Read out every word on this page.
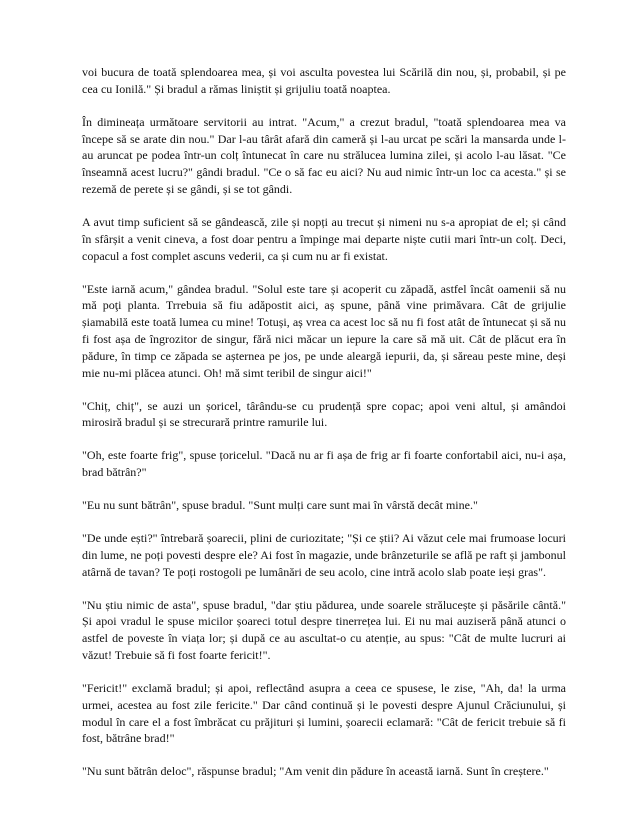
voi bucura de toată splendoarea mea, și voi asculta povestea lui Scărilă din nou, și, probabil, și pe cea cu Ionilă." Și bradul a rămas liniștit și grijuliu toată noaptea.

În dimineața următoare servitorii au intrat. "Acum," a crezut bradul, "toată splendoarea mea va începe să se arate din nou." Dar l-au târât afară din cameră și l-au urcat pe scări la mansarda unde l-au aruncat pe podea într-un colț întunecat în care nu strălucea lumina zilei, și acolo l-au lăsat. "Ce înseamnă acest lucru?" gândi bradul. "Ce o să fac eu aici? Nu aud nimic într-un loc ca acesta." și se rezemă de perete și se gândi, și se tot gândi.

A avut timp suficient să se gândească, zile și nopți au trecut și nimeni nu s-a apropiat de el; și când în sfârșit a venit cineva, a fost doar pentru a împinge mai departe niște cutii mari într-un colț. Deci, copacul a fost complet ascuns vederii, ca și cum nu ar fi existat.

"Este iarnă acum," gândea bradul. "Solul este tare și acoperit cu zăpadă, astfel încât oamenii să nu mă poţi planta. Trrebuia să fiu adăpostit aici, aș spune, până vine primăvara. Cât de grijulie șiamabilă este toată lumea cu mine! Totuși, aș vrea ca acest loc să nu fi fost atât de întunecat și să nu fi fost așa de îngrozitor de singur, fără nici măcar un iepure la care să mă uit. Cât de plăcut era în pădure, în timp ce zăpada se așternea pe jos, pe unde aleargă iepurii, da, și săreau peste mine, deși mie nu-mi plăcea atunci. Oh! mă simt teribil de singur aici!"

"Chiț, chiț", se auzi un șoricel, târându-se cu prudență spre copac; apoi veni altul, și amândoi mirosiră bradul și se strecurară printre ramurile lui.

"Oh, este foarte frig", spuse țoricelul. "Dacă nu ar fi așa de frig ar fi foarte confortabil aici, nu-i așa, brad bătrân?"

"Eu nu sunt bătrân", spuse bradul. "Sunt mulți care sunt mai în vârstă decât mine."

"De unde ești?" întrebară șoarecii, plini de curiozitate; "Și ce știi? Ai văzut cele mai frumoase locuri din lume, ne poți povesti despre ele? Ai fost în magazie, unde brânzeturile se află pe raft și jambonul atârnă de tavan? Te poți rostogoli pe lumânări de seu acolo, cine intră acolo slab poate ieși gras".

"Nu știu nimic de asta", spuse bradul, "dar știu pădurea, unde soarele strălucește și păsările cântă." Și apoi vradul le spuse micilor șoareci totul despre tinerrețea lui. Ei nu mai auziseră până atunci o astfel de poveste în viața lor; și după ce au ascultat-o cu atenție, au spus: "Cât de multe lucruri ai văzut! Trebuie să fi fost foarte fericit!".

"Fericit!" exclamă bradul; și apoi, reflectând asupra a ceea ce spusese, le zise, "Ah, da! la urma urmei, acestea au fost zile fericite." Dar când continuă și le povesti despre Ajunul Crăciunului, și modul în care el a fost îmbrăcat cu prăjituri și lumini, șoarecii eclamară: "Cât de fericit trebuie să fi fost, bătrâne brad!"

"Nu sunt bătrân deloc", răspunse bradul; "Am venit din pădure în această iarnă. Sunt în creștere."
